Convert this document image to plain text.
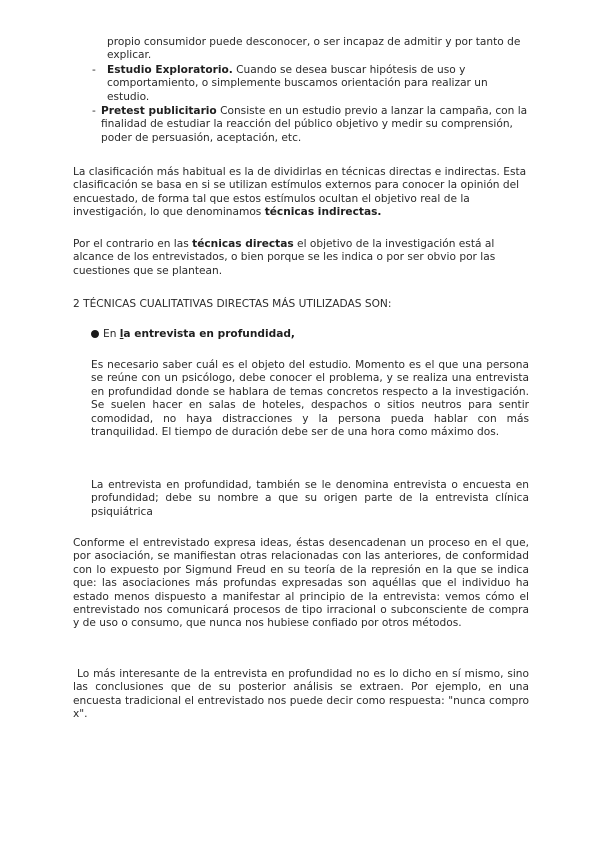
propio consumidor puede desconocer, o ser incapaz de admitir y por tanto de explicar.

- Estudio Exploratorio. Cuando se desea buscar hipótesis de uso y comportamiento, o simplemente buscamos orientación para realizar un estudio.

- Pretest publicitario Consiste en un estudio previo a lanzar la campaña, con la finalidad de estudiar la reacción del público objetivo y medir su comprensión, poder de persuasión, aceptación, etc.

La clasificación más habitual es la de dividirlas en técnicas directas e indirectas. Esta clasificación se basa en si se utilizan estímulos externos para conocer la opinión del encuestado, de forma tal que estos estímulos ocultan el objetivo real de la investigación, lo que denominamos técnicas indirectas.

Por el contrario en las técnicas directas el objetivo de la investigación está al alcance de los entrevistados, o bien porque se les indica o por ser obvio por las cuestiones que se plantean.

2 TÉCNICAS CUALITATIVAS DIRECTAS MÁS UTILIZADAS SON:

En la entrevista en profundidad,

Es necesario saber cuál es el objeto del estudio. Momento es el que una persona se reúne con un psicólogo, debe conocer el problema, y se realiza una entrevista en profundidad donde se hablara de temas concretos respecto a la investigación. Se suelen hacer en salas de hoteles, despachos o sitios neutros para sentir comodidad, no haya distracciones y la persona pueda hablar con más tranquilidad. El tiempo de duración debe ser de una hora como máximo dos.

La entrevista en profundidad, también se le denomina entrevista o encuesta en profundidad; debe su nombre a que su origen parte de la entrevista clínica psiquiátrica

Conforme el entrevistado expresa ideas, éstas desencadenan un proceso en el que, por asociación, se manifiestan otras relacionadas con las anteriores, de conformidad con lo expuesto por Sigmund Freud en su teoría de la represión en la que se indica que: las asociaciones más profundas expresadas son aquéllas que el individuo ha estado menos dispuesto a manifestar al principio de la entrevista: vemos cómo el entrevistado nos comunicará procesos de tipo irracional o subconsciente de compra y de uso o consumo, que nunca nos hubiese confiado por otros métodos.

Lo más interesante de la entrevista en profundidad no es lo dicho en sí mismo, sino las conclusiones que de su posterior análisis se extraen. Por ejemplo, en una encuesta tradicional el entrevistado nos puede decir como respuesta: "nunca compro x".
